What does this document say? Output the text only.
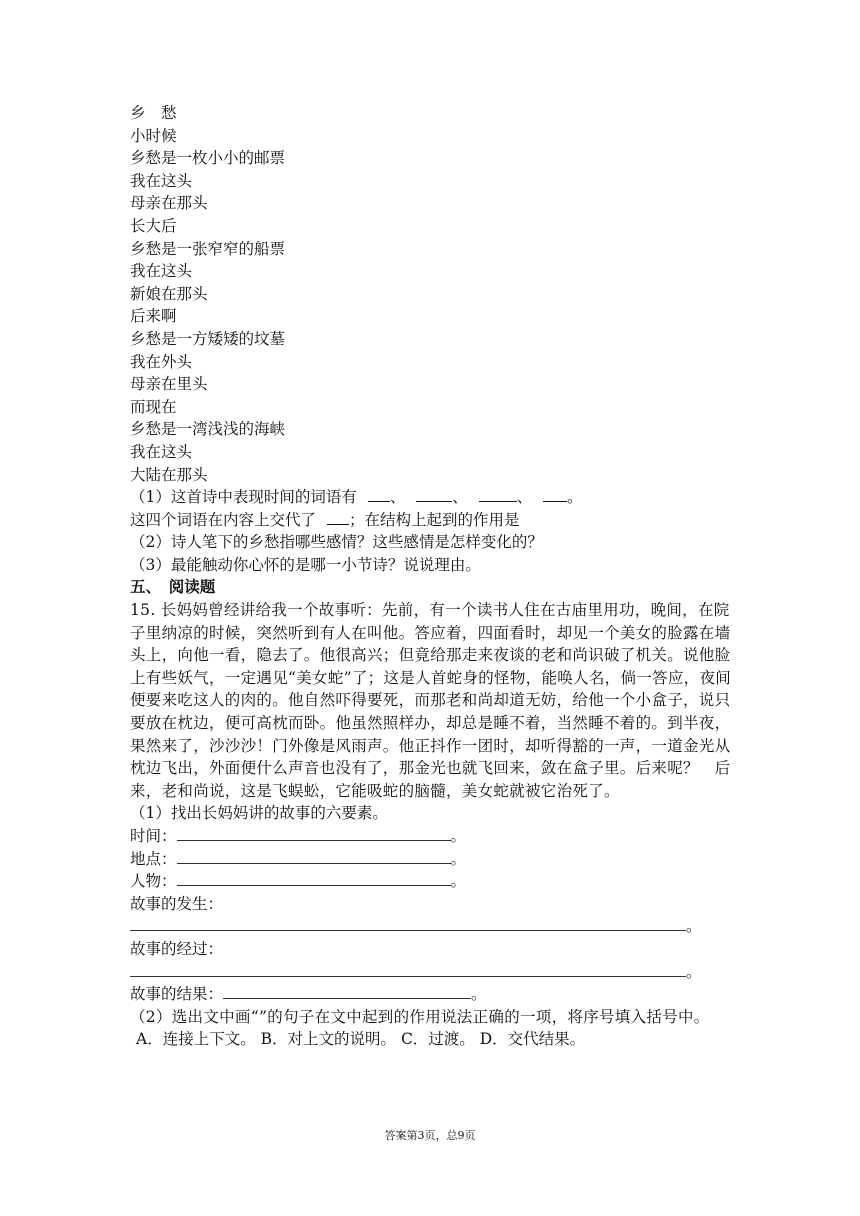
乡　愁
小时候
乡愁是一枚小小的邮票
我在这头
母亲在那头
长大后
乡愁是一张窄窄的船票
我在这头
新娘在那头
后来啊
乡愁是一方矮矮的坟墓
我在外头
母亲在里头
而现在
乡愁是一湾浅浅的海峡
我在这头
大陆在那头
（1）这首诗中表现时间的词语有 、	、	、 。
这四个词语在内容上交代了 ；在结构上起到的作用是
（2）诗人笔下的乡愁指哪些感情？这些感情是怎样变化的？
（3）最能触动你心怀的是哪一小节诗？说说理由。
五、　阅读题
15. 长妈妈曾经讲给我一个故事听：先前，有一个读书人住在古庙里用功，晚间，在院子里纳凉的时候，突然听到有人在叫他。答应着，四面看时，却见一个美女的脸露在墙头上，向他一看，隐去了。他很高兴；但竟给那走来夜谈的老和尚识破了机关。说他脸上有些妖气，一定遇见“美女蛇”了；这是人首蛇身的怪物，能唤人名，倘一答应，夜间便要来吃这人的肉的。他自然吓得要死，而那老和尚却道无妨，给他一个小盒子，说只要放在枕边，便可高枕而卧。他虽然照样办，却总是睡不着，当然睡不着的。到半夜，果然来了，沙沙沙！门外像是风雨声。他正抖作一团时，却听得豁的一声，一道金光从枕边飞出，外面便什么声音也没有了，那金光也就飞回来，敛在盒子里。后来呢？　后来，老和尚说，这是飞蜈蚣，它能吸蛇的脑髓，美女蛇就被它治死了。
（1）找出长妈妈讲的故事的六要素。
时间：	。
地点：	。
人物：	。
故事的发生：
。
故事的经过：
。
故事的结果：	。
（2）选出文中画“”的句子在文中起到的作用说法正确的一项，将序号填入括号中。
A．连接上下文。 B．对上文的说明。 C．过渡。 D．交代结果。
答案第3页，总9页
